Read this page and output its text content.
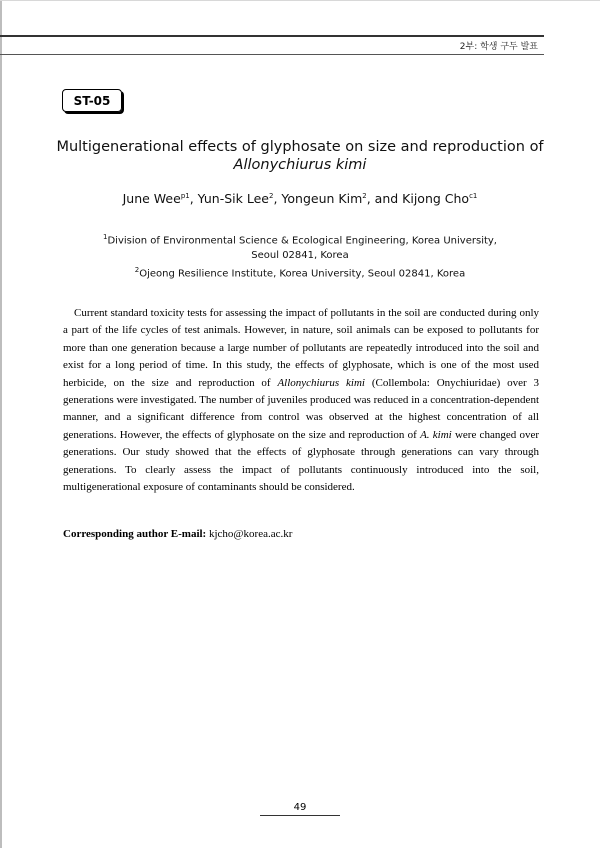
2부: 학생 구두 발표
ST-05
Multigenerational effects of glyphosate on size and reproduction of
Allonychiurus kimi
June Wee$^{p1}$, Yun-Sik Lee$^2$, Yongeun Kim$^2$, and Kijong Cho$^{c1}$
$^1$Division of Environmental Science & Ecological Engineering, Korea University,
Seoul 02841, Korea
$^2$Ojeong Resilience Institute, Korea University, Seoul 02841, Korea

Current standard toxicity tests for assessing the impact of pollutants in the soil are conducted during only a part of the life cycles of test animals. However, in nature, soil animals can be exposed to pollutants for more than one generation because a large number of pollutants are repeatedly introduced into the soil and exist for a long period of time. In this study, the effects of glyphosate, which is one of the most used herbicide, on the size and reproduction of Allonychiurus kimi (Collembola: Onychiuridae) over 3 generations were investigated. The number of juveniles produced was reduced in a concentration-dependent manner, and a significant difference from control was observed at the highest concentration of all generations. However, the effects of glyphosate on the size and reproduction of A. kimi were changed over generations. Our study showed that the effects of glyphosate through generations can vary through generations. To clearly assess the impact of pollutants continuously introduced into the soil, multigenerational exposure of contaminants should be considered.

Corresponding author E-mail: kjcho@korea.ac.kr
49
